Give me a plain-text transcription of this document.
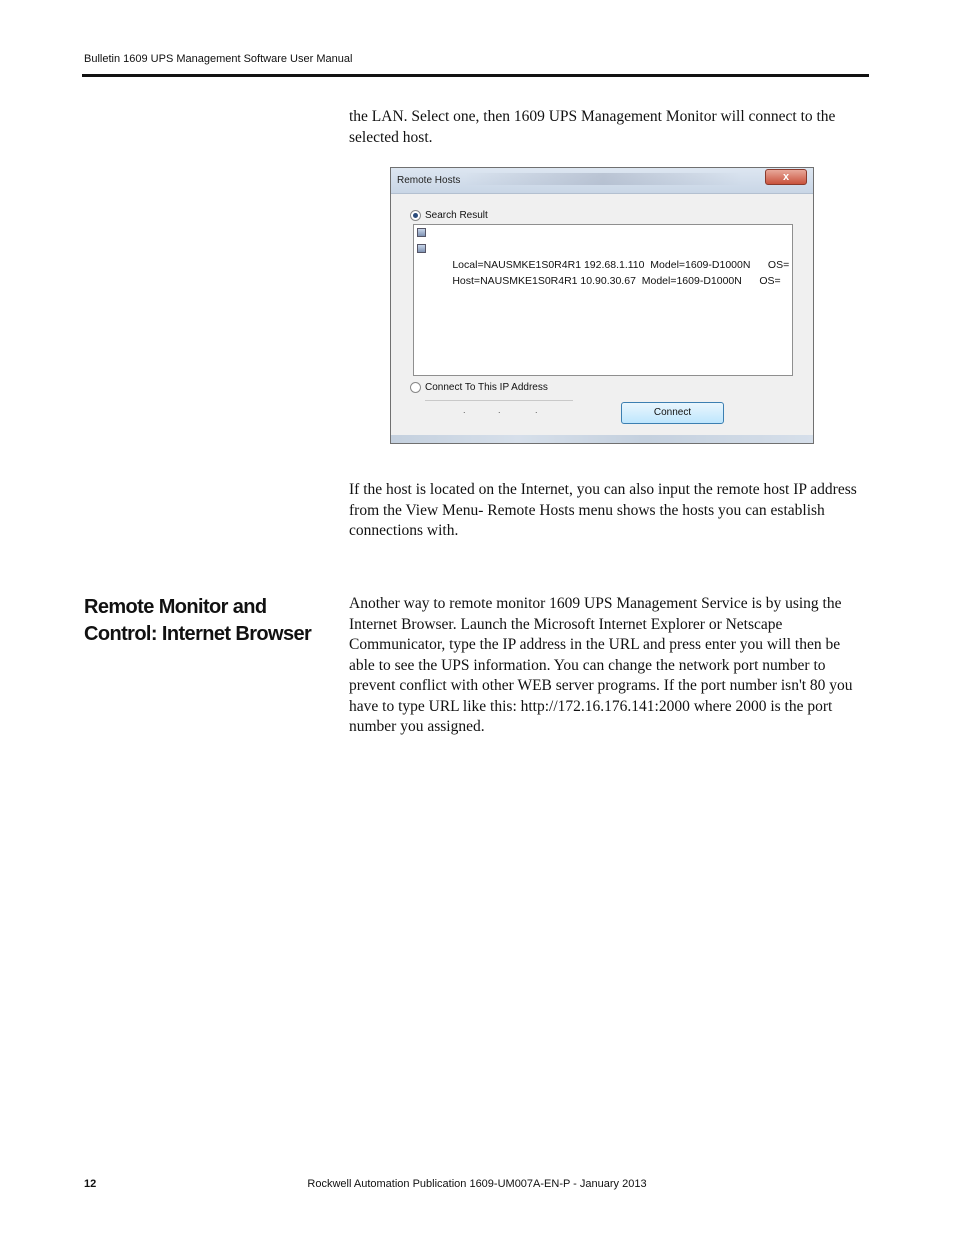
Bulletin 1609 UPS Management Software User Manual

the LAN. Select one, then 1609 UPS Management Monitor will connect to the selected host.

Remote Hosts	x
Search Result

Local=NAUSMKE1S0R4R1 192.68.1.110  Model=1609-D1000N      OS=

Host=NAUSMKE1S0R4R1 10.90.30.67  Model=1609-D1000N      OS=

Connect To This IP Address
.	.	.	Connect

If the host is located on the Internet, you can also input the remote host IP address from the View Menu- Remote Hosts menu shows the hosts you can establish connections with.

Remote Monitor and Control: Internet Browser

Another way to remote monitor 1609 UPS Management Service is by using the Internet Browser. Launch the Microsoft Internet Explorer or Netscape Communicator, type the IP address in the URL and press enter you will then be able to see the UPS information. You can change the network port number to prevent conflict with other WEB server programs. If the port number isn't 80 you have to type URL like this: http://172.16.176.141:2000 where 2000 is the port number you assigned.

12	Rockwell Automation Publication 1609-UM007A-EN-P - January 2013
